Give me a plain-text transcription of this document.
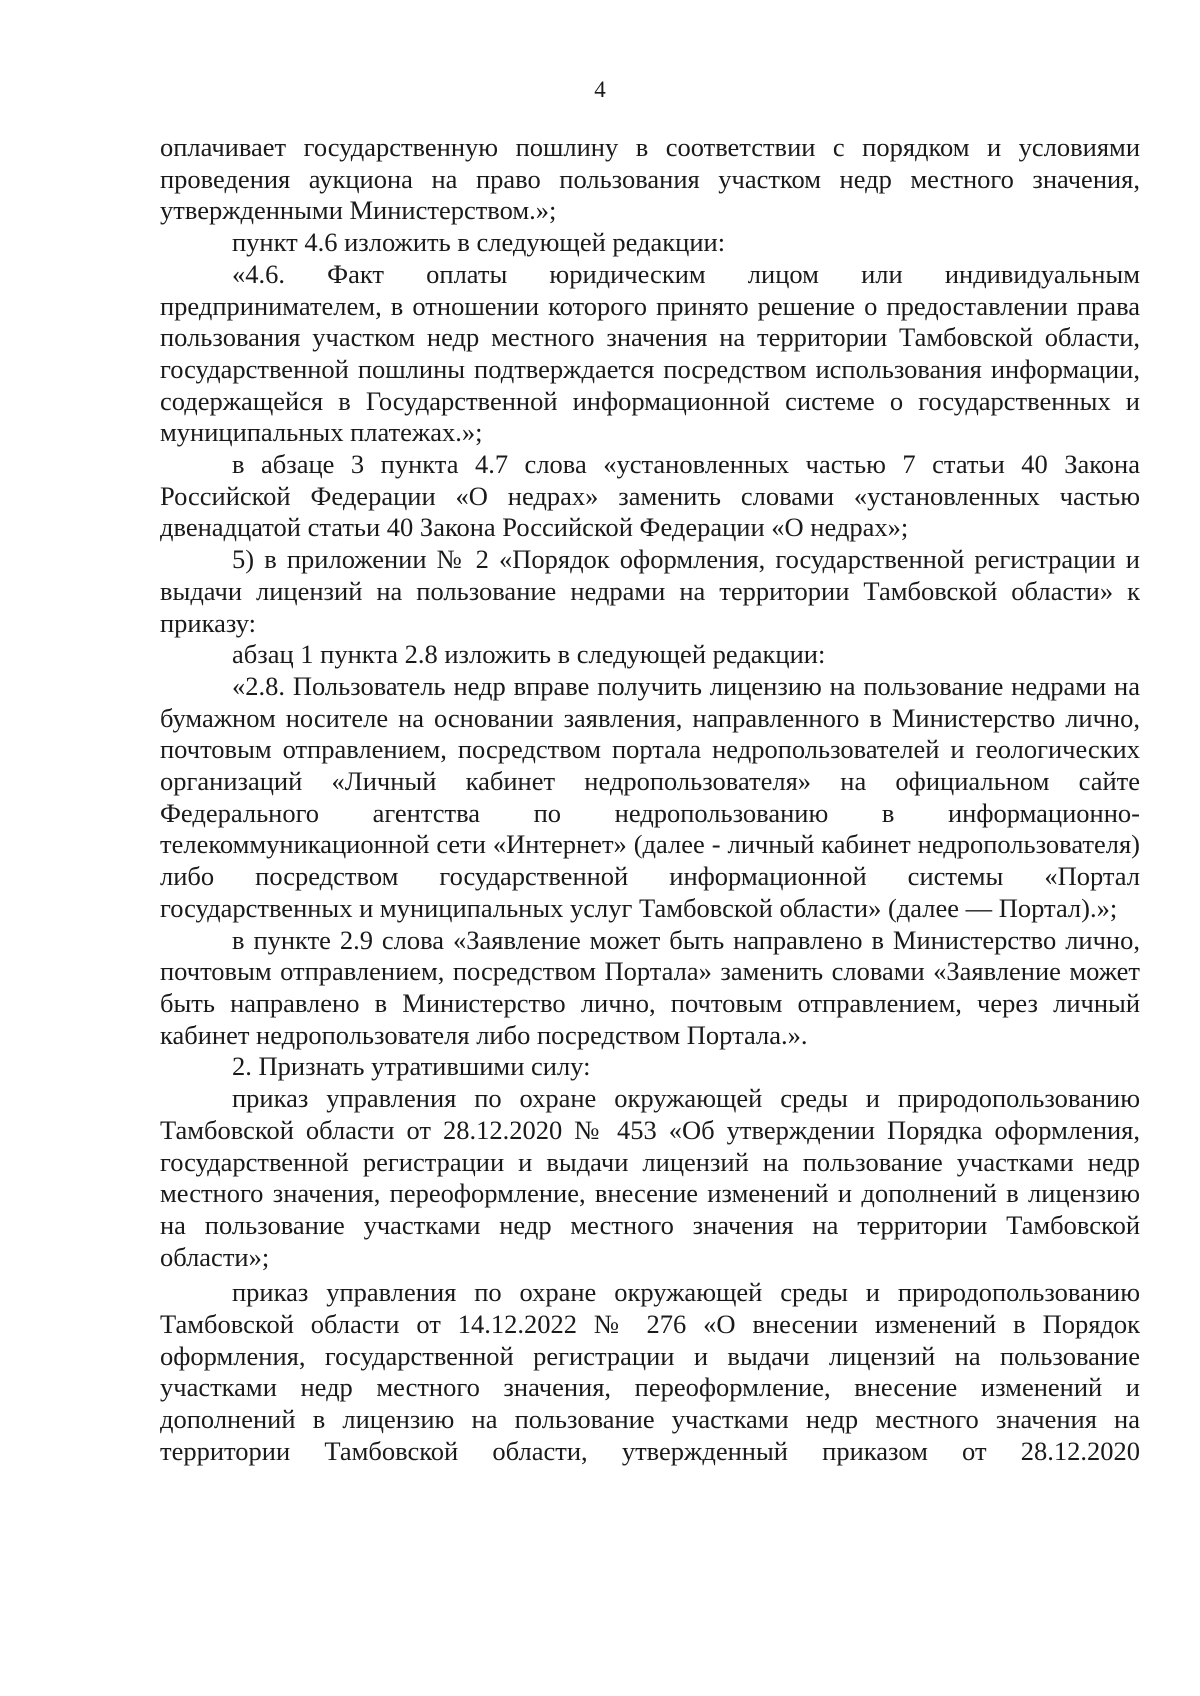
4

оплачивает государственную пошлину в соответствии с порядком и условиями проведения аукциона на право пользования участком недр местного значения, утвержденными Министерством.»;

пункт 4.6 изложить в следующей редакции:

«4.6. Факт оплаты юридическим лицом или индивидуальным предпринимателем, в отношении которого принято решение о предоставлении права пользования участком недр местного значения на территории Тамбовской области, государственной пошлины подтверждается посредством использования информации, содержащейся в Государственной информационной системе о государственных и муниципальных платежах.»;

в абзаце 3 пункта 4.7 слова «установленных частью 7 статьи 40 Закона Российской Федерации «О недрах» заменить словами «установленных частью двенадцатой статьи 40 Закона Российской Федерации «О недрах»;

5) в приложении № 2 «Порядок оформления, государственной регистрации и выдачи лицензий на пользование недрами на территории Тамбовской области» к приказу:

абзац 1 пункта 2.8 изложить в следующей редакции:

«2.8. Пользователь недр вправе получить лицензию на пользование недрами на бумажном носителе на основании заявления, направленного в Министерство лично, почтовым отправлением, посредством портала недропользователей и геологических организаций «Личный кабинет недропользователя» на официальном сайте Федерального агентства по недропользованию в информационно-телекоммуникационной сети «Интернет» (далее - личный кабинет недропользователя) либо посредством государственной информационной системы «Портал государственных и муниципальных услуг Тамбовской области» (далее — Портал).»;

в пункте 2.9 слова «Заявление может быть направлено в Министерство лично, почтовым отправлением, посредством Портала» заменить словами «Заявление может быть направлено в Министерство лично, почтовым отправлением, через личный кабинет недропользователя либо посредством Портала.».

2. Признать утратившими силу:

приказ управления по охране окружающей среды и природопользованию Тамбовской области от 28.12.2020 № 453 «Об утверждении Порядка оформления, государственной регистрации и выдачи лицензий на пользование участками недр местного значения, переоформление, внесение изменений и дополнений в лицензию на пользование участками недр местного значения на территории Тамбовской области»;

приказ управления по охране окружающей среды и природопользованию Тамбовской области от 14.12.2022 № 276 «О внесении изменений в Порядок оформления, государственной регистрации и выдачи лицензий на пользование участками недр местного значения, переоформление, внесение изменений и дополнений в лицензию на пользование участками недр местного значения на территории Тамбовской области, утвержденный приказом от 28.12.2020
